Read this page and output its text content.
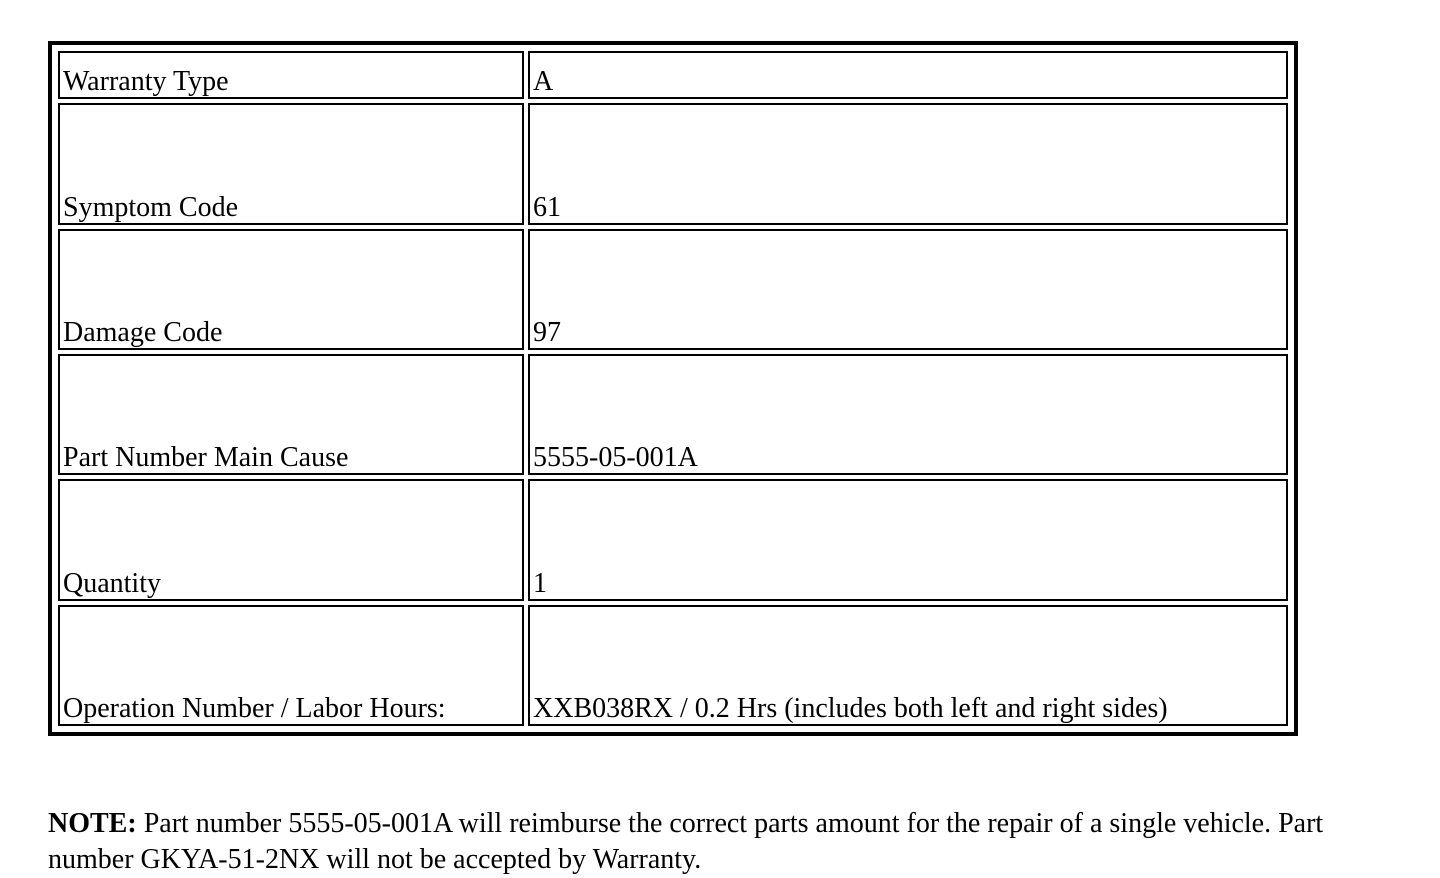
Warranty Type	A
Symptom Code	61
Damage Code	97
Part Number Main Cause	5555-05-001A
Quantity	1
Operation Number / Labor Hours:	XXB038RX / 0.2 Hrs (includes both left and right sides)

NOTE: Part number 5555-05-001A will reimburse the correct parts amount for the repair of a single vehicle. Part number GKYA-51-2NX will not be accepted by Warranty.
